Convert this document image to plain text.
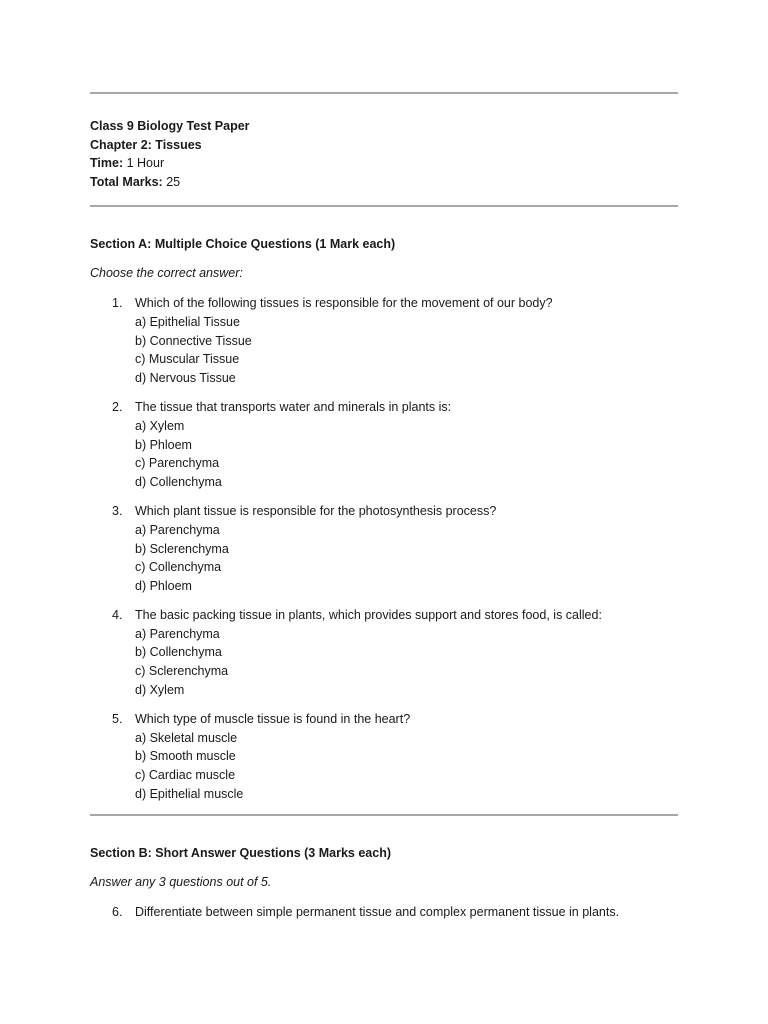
Class 9 Biology Test Paper
Chapter 2: Tissues
Time: 1 Hour
Total Marks: 25
Section A: Multiple Choice Questions (1 Mark each)
Choose the correct answer:
1.	Which of the following tissues is responsible for the movement of our body?
a) Epithelial Tissue
b) Connective Tissue
c) Muscular Tissue
d) Nervous Tissue
2.	The tissue that transports water and minerals in plants is:
a) Xylem
b) Phloem
c) Parenchyma
d) Collenchyma
3.	Which plant tissue is responsible for the photosynthesis process?
a) Parenchyma
b) Sclerenchyma
c) Collenchyma
d) Phloem
4.	The basic packing tissue in plants, which provides support and stores food, is called:
a) Parenchyma
b) Collenchyma
c) Sclerenchyma
d) Xylem
5.	Which type of muscle tissue is found in the heart?
a) Skeletal muscle
b) Smooth muscle
c) Cardiac muscle
d) Epithelial muscle
Section B: Short Answer Questions (3 Marks each)
Answer any 3 questions out of 5.
6.	Differentiate between simple permanent tissue and complex permanent tissue in plants.
